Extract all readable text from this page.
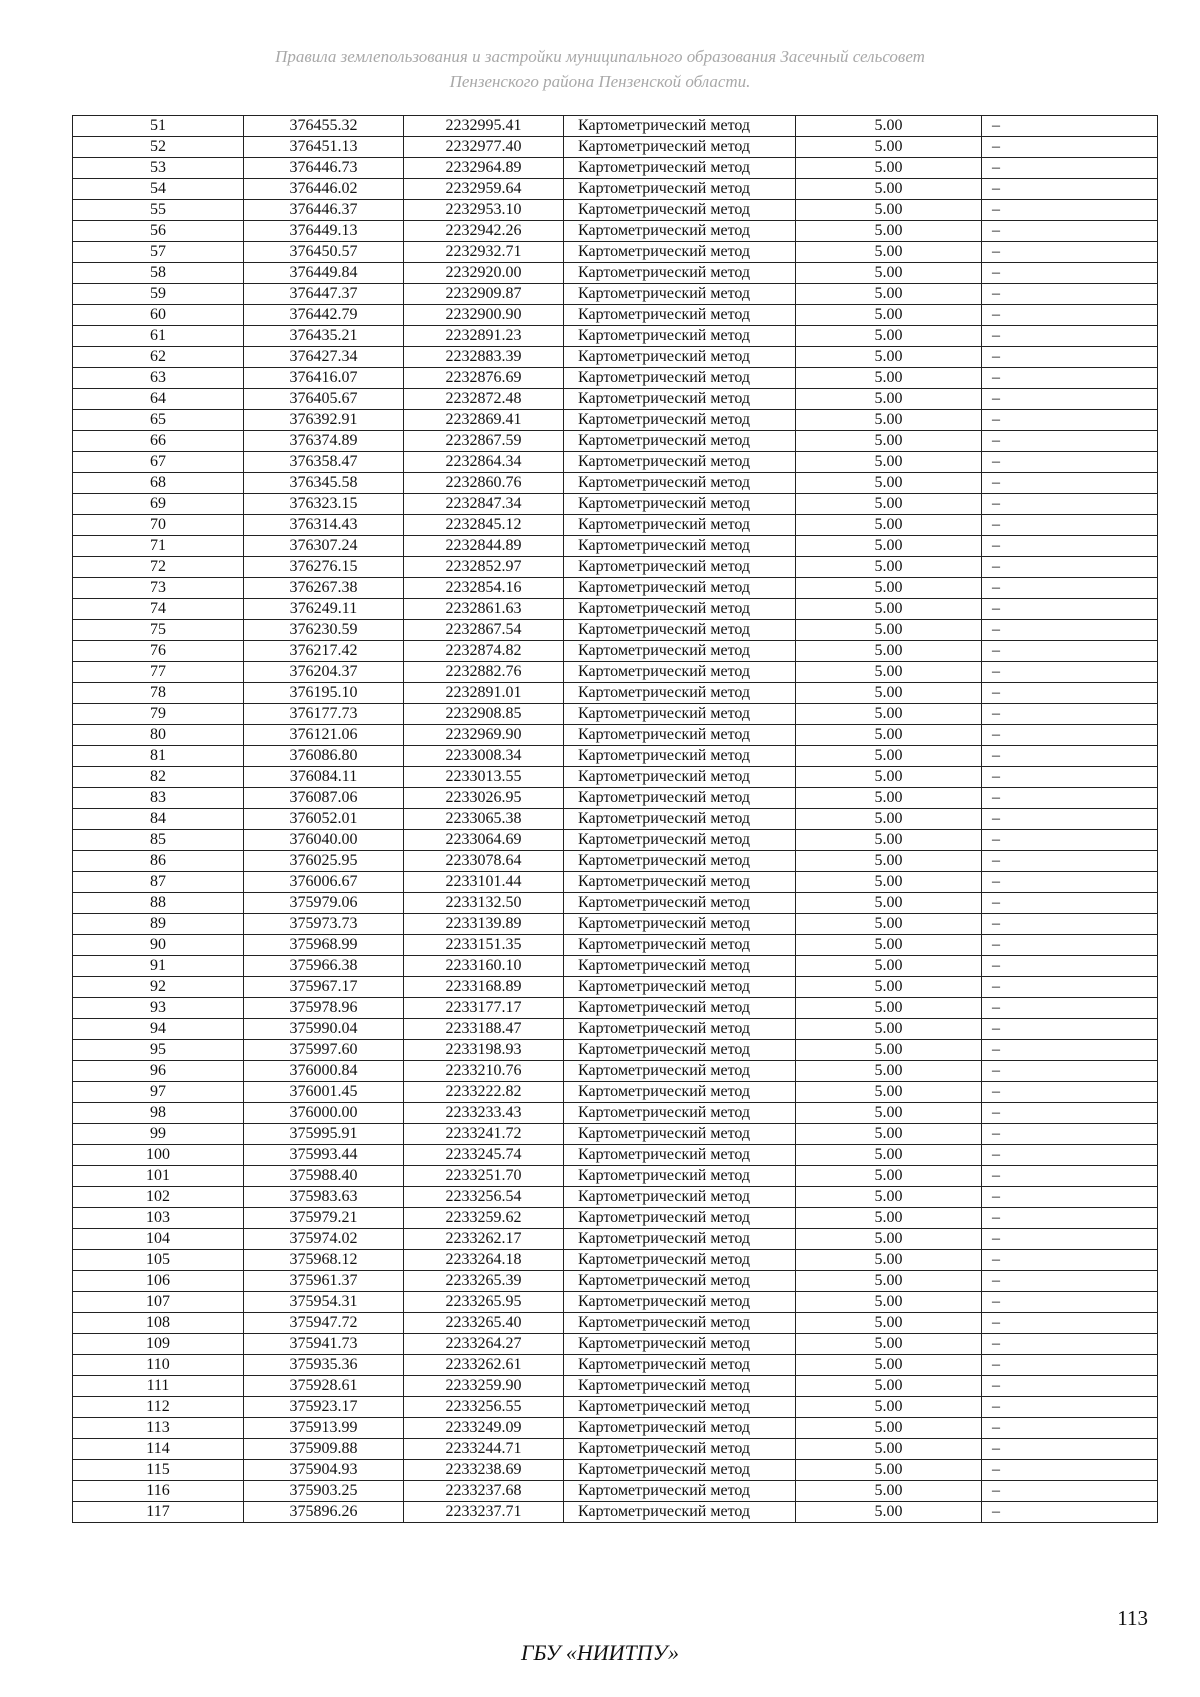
Правила землепользования и застройки муниципального образования Засечный сельсовет
Пензенского района Пензенской области.
51	376455.32	2232995.41	Картометрический метод	5.00	–
52	376451.13	2232977.40	Картометрический метод	5.00	–
53	376446.73	2232964.89	Картометрический метод	5.00	–
54	376446.02	2232959.64	Картометрический метод	5.00	–
55	376446.37	2232953.10	Картометрический метод	5.00	–
56	376449.13	2232942.26	Картометрический метод	5.00	–
57	376450.57	2232932.71	Картометрический метод	5.00	–
58	376449.84	2232920.00	Картометрический метод	5.00	–
59	376447.37	2232909.87	Картометрический метод	5.00	–
60	376442.79	2232900.90	Картометрический метод	5.00	–
61	376435.21	2232891.23	Картометрический метод	5.00	–
62	376427.34	2232883.39	Картометрический метод	5.00	–
63	376416.07	2232876.69	Картометрический метод	5.00	–
64	376405.67	2232872.48	Картометрический метод	5.00	–
65	376392.91	2232869.41	Картометрический метод	5.00	–
66	376374.89	2232867.59	Картометрический метод	5.00	–
67	376358.47	2232864.34	Картометрический метод	5.00	–
68	376345.58	2232860.76	Картометрический метод	5.00	–
69	376323.15	2232847.34	Картометрический метод	5.00	–
70	376314.43	2232845.12	Картометрический метод	5.00	–
71	376307.24	2232844.89	Картометрический метод	5.00	–
72	376276.15	2232852.97	Картометрический метод	5.00	–
73	376267.38	2232854.16	Картометрический метод	5.00	–
74	376249.11	2232861.63	Картометрический метод	5.00	–
75	376230.59	2232867.54	Картометрический метод	5.00	–
76	376217.42	2232874.82	Картометрический метод	5.00	–
77	376204.37	2232882.76	Картометрический метод	5.00	–
78	376195.10	2232891.01	Картометрический метод	5.00	–
79	376177.73	2232908.85	Картометрический метод	5.00	–
80	376121.06	2232969.90	Картометрический метод	5.00	–
81	376086.80	2233008.34	Картометрический метод	5.00	–
82	376084.11	2233013.55	Картометрический метод	5.00	–
83	376087.06	2233026.95	Картометрический метод	5.00	–
84	376052.01	2233065.38	Картометрический метод	5.00	–
85	376040.00	2233064.69	Картометрический метод	5.00	–
86	376025.95	2233078.64	Картометрический метод	5.00	–
87	376006.67	2233101.44	Картометрический метод	5.00	–
88	375979.06	2233132.50	Картометрический метод	5.00	–
89	375973.73	2233139.89	Картометрический метод	5.00	–
90	375968.99	2233151.35	Картометрический метод	5.00	–
91	375966.38	2233160.10	Картометрический метод	5.00	–
92	375967.17	2233168.89	Картометрический метод	5.00	–
93	375978.96	2233177.17	Картометрический метод	5.00	–
94	375990.04	2233188.47	Картометрический метод	5.00	–
95	375997.60	2233198.93	Картометрический метод	5.00	–
96	376000.84	2233210.76	Картометрический метод	5.00	–
97	376001.45	2233222.82	Картометрический метод	5.00	–
98	376000.00	2233233.43	Картометрический метод	5.00	–
99	375995.91	2233241.72	Картометрический метод	5.00	–
100	375993.44	2233245.74	Картометрический метод	5.00	–
101	375988.40	2233251.70	Картометрический метод	5.00	–
102	375983.63	2233256.54	Картометрический метод	5.00	–
103	375979.21	2233259.62	Картометрический метод	5.00	–
104	375974.02	2233262.17	Картометрический метод	5.00	–
105	375968.12	2233264.18	Картометрический метод	5.00	–
106	375961.37	2233265.39	Картометрический метод	5.00	–
107	375954.31	2233265.95	Картометрический метод	5.00	–
108	375947.72	2233265.40	Картометрический метод	5.00	–
109	375941.73	2233264.27	Картометрический метод	5.00	–
110	375935.36	2233262.61	Картометрический метод	5.00	–
111	375928.61	2233259.90	Картометрический метод	5.00	–
112	375923.17	2233256.55	Картометрический метод	5.00	–
113	375913.99	2233249.09	Картометрический метод	5.00	–
114	375909.88	2233244.71	Картометрический метод	5.00	–
115	375904.93	2233238.69	Картометрический метод	5.00	–
116	375903.25	2233237.68	Картометрический метод	5.00	–
117	375896.26	2233237.71	Картометрический метод	5.00	–
113
ГБУ «НИИТПУ»
